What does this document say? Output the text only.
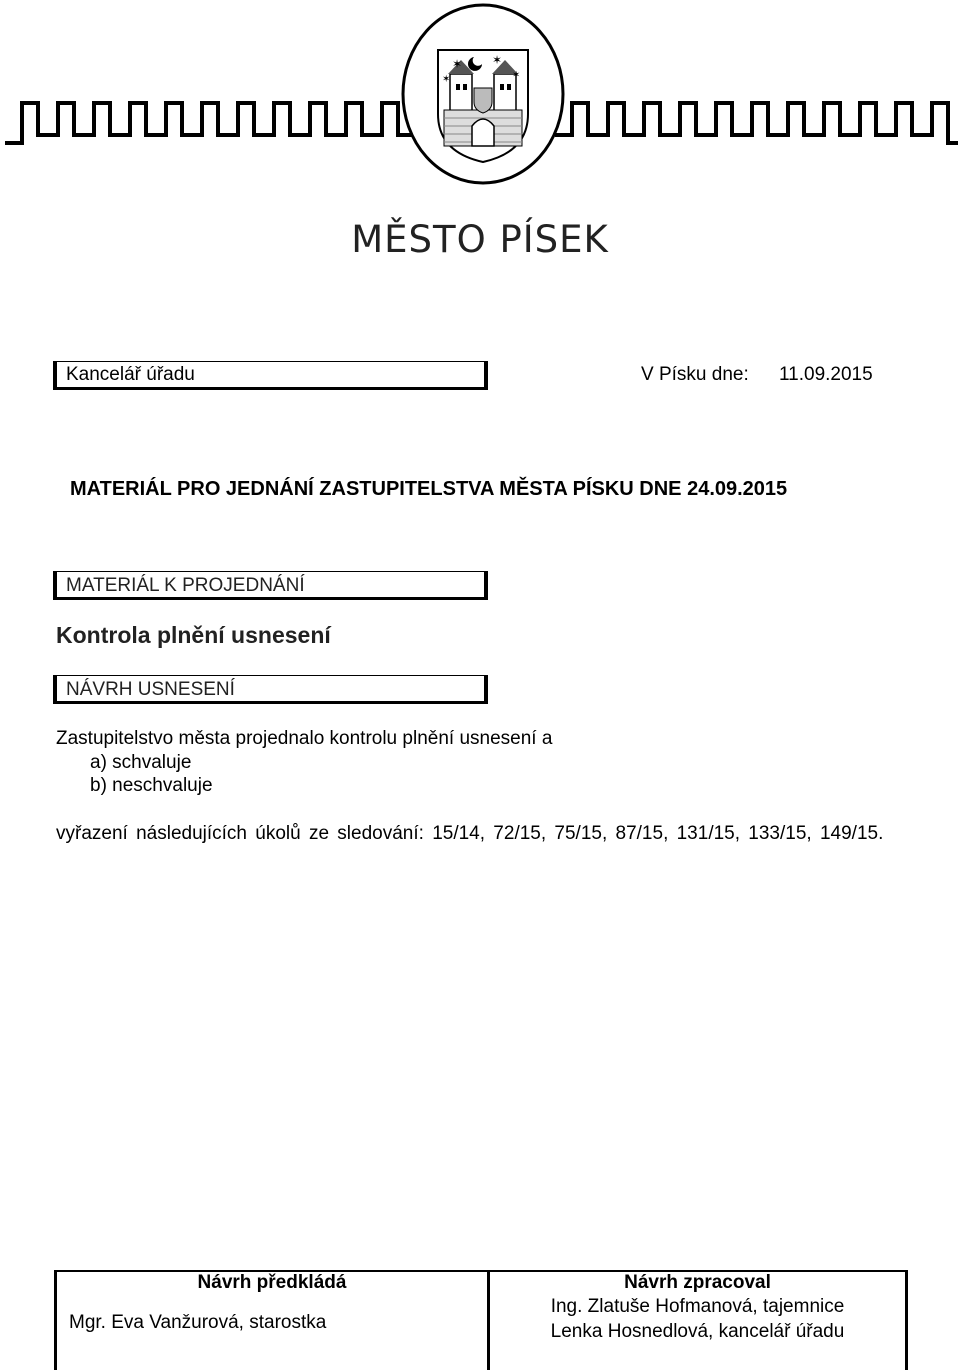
✶ ✶
✶
✶
MĚSTO PÍSEK
Kancelář úřadu	V Písku dne: 11.09.2015
MATERIÁL PRO JEDNÁNÍ ZASTUPITELSTVA MĚSTA PÍSKU DNE 24.09.2015
MATERIÁL K PROJEDNÁNÍ
Kontrola plnění usnesení
NÁVRH USNESENÍ
Zastupitelstvo města projednalo kontrolu plnění usnesení a
a) schvaluje
b) neschvaluje
vyřazení následujících úkolů ze sledování: 15/14, 72/15, 75/15, 87/15, 131/15, 133/15, 149/15.
Návrh předkládá	Návrh zpracoval
Mgr. Eva Vanžurová, starostka	Ing. Zlatuše Hofmanová, tajemnice
Lenka Hosnedlová, kancelář úřadu
